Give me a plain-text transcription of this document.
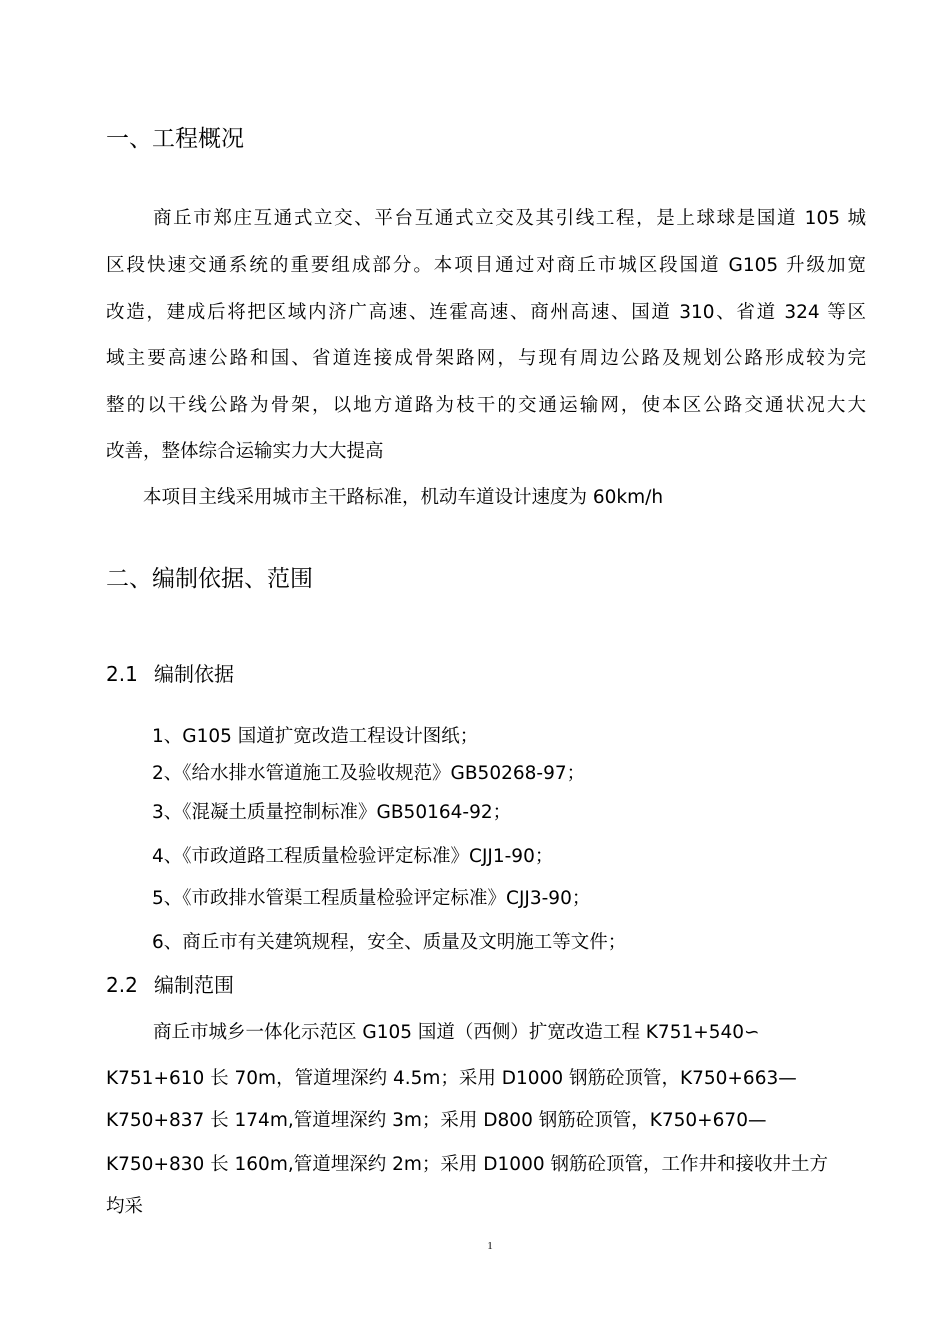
一、工程概况
商丘市郑庄互通式立交、平台互通式立交及其引线工程，是上球球是国道 105 城
区段快速交通系统的重要组成部分。本项目通过对商丘市城区段国道 G105 升级加宽
改造，建成后将把区域内济广高速、连霍高速、商州高速、国道 310、省道 324 等区
域主要高速公路和国、省道连接成骨架路网，与现有周边公路及规划公路形成较为完
整的以干线公路为骨架，以地方道路为枝干的交通运输网，使本区公路交通状况大大
改善，整体综合运输实力大大提高
本项目主线采用城市主干路标准，机动车道设计速度为 60km/h
二、编制依据、范围
2.1 编制依据
1、G105 国道扩宽改造工程设计图纸；
2、《给水排水管道施工及验收规范》GB50268-97；
3、《混凝土质量控制标准》GB50164-92；
4、《市政道路工程质量检验评定标准》CJJ1-90；
5、《市政排水管渠工程质量检验评定标准》CJJ3-90；
6、商丘市有关建筑规程，安全、质量及文明施工等文件；
2.2 编制范围
商丘市城乡一体化示范区 G105 国道（西侧）扩宽改造工程 K751+540∽
K751+610 长 70m，管道埋深约 4.5m；采用 D1000 钢筋砼顶管，K750+663—
K750+837 长 174m,管道埋深约 3m；采用 D800 钢筋砼顶管，K750+670—
K750+830 长 160m,管道埋深约 2m；采用 D1000 钢筋砼顶管，工作井和接收井土方
均采
1
